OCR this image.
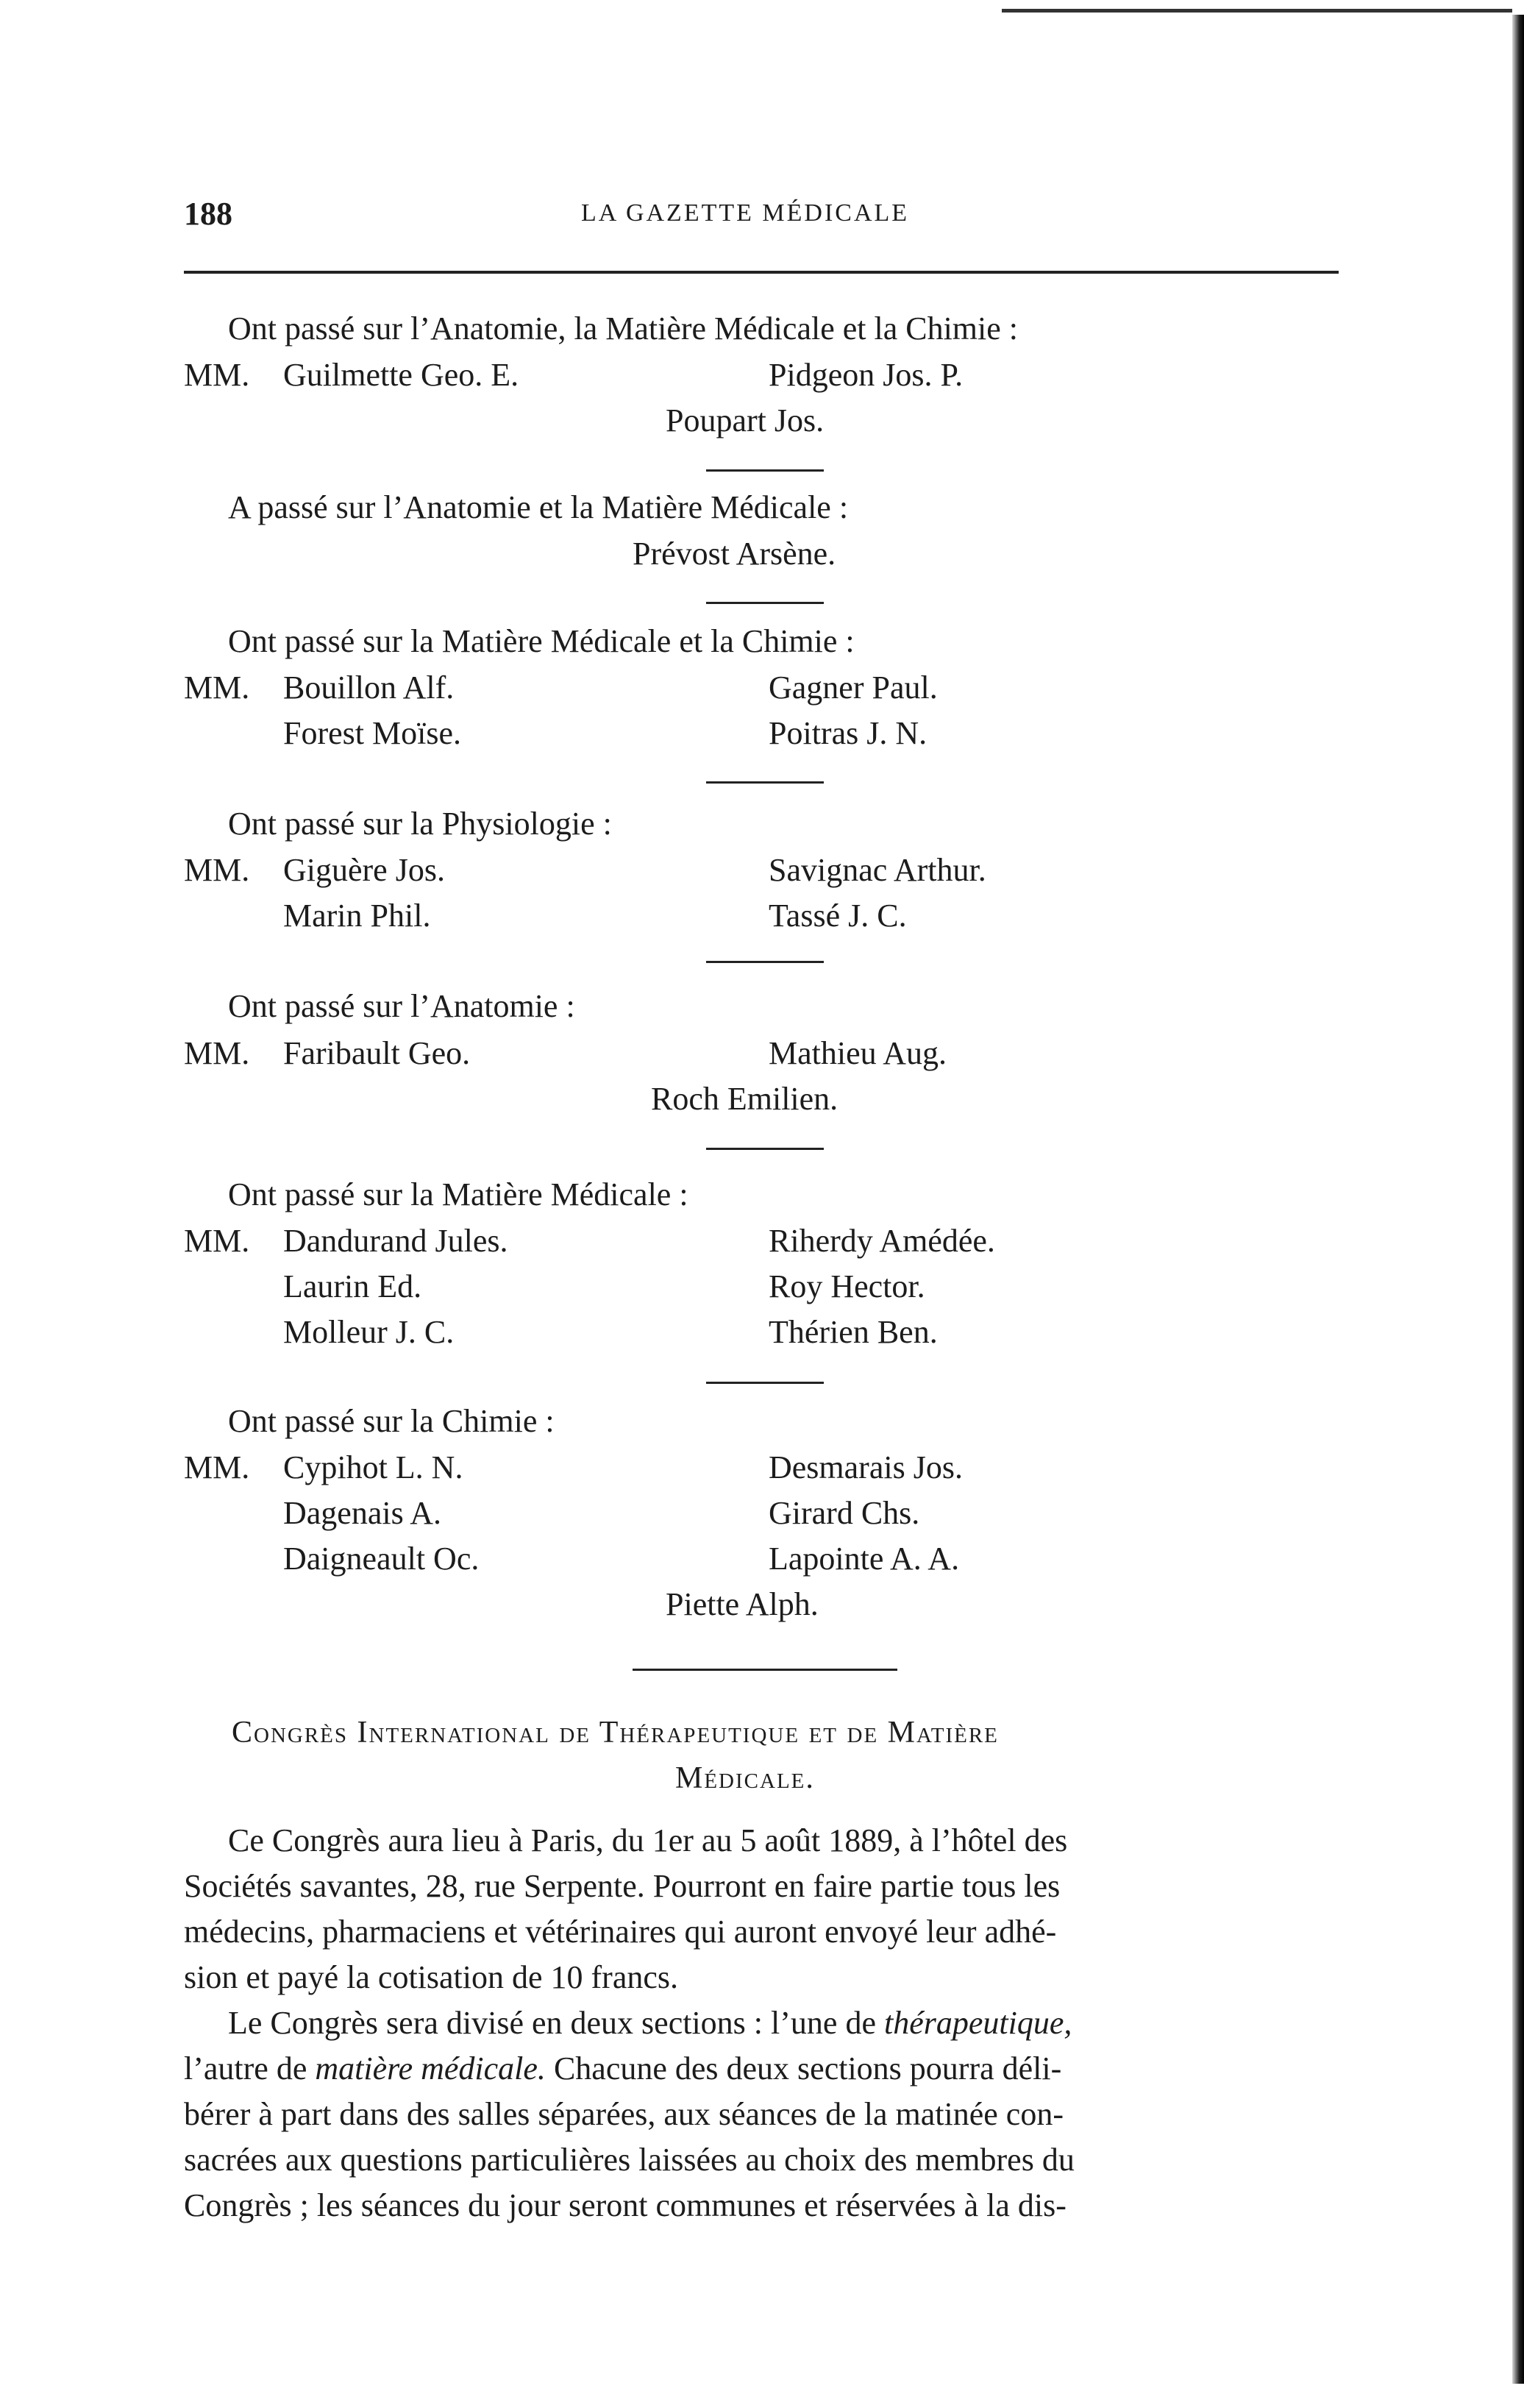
188	LA GAZETTE MÉDICALE
Ont passé sur l’Anatomie, la Matière Médicale et la Chimie :
MM. Guilmette Geo. E.	Pidgeon Jos. P.
Poupart Jos.
A passé sur l’Anatomie et la Matière Médicale :
Prévost Arsène.
Ont passé sur la Matière Médicale et la Chimie :
MM. Bouillon Alf.	Gagner Paul.
Forest Moïse.	Poitras J. N.
Ont passé sur la Physiologie :
MM. Giguère Jos.	Savignac Arthur.
Marin Phil.	Tassé J. C.
Ont passé sur l’Anatomie :
MM. Faribault Geo.	Mathieu Aug.
Roch Emilien.
Ont passé sur la Matière Médicale :
MM. Dandurand Jules.	Riherdy Amédée.
Laurin Ed.	Roy Hector.
Molleur J. C.	Thérien Ben.
Ont passé sur la Chimie :
MM. Cypihot L. N.	Desmarais Jos.
Dagenais A.	Girard Chs.
Daigneault Oc.	Lapointe A. A.
Piette Alph.
Congrès International de Thérapeutique et de Matière
Médicale.
Ce Congrès aura lieu à Paris, du 1er au 5 août 1889, à l’hôtel des
Sociétés savantes, 28, rue Serpente. Pourront en faire partie tous les
médecins, pharmaciens et vétérinaires qui auront envoyé leur adhé-
sion et payé la cotisation de 10 francs.
Le Congrès sera divisé en deux sections : l’une de thérapeutique,
l’autre de matière médicale. Chacune des deux sections pourra déli-
bérer à part dans des salles séparées, aux séances de la matinée con-
sacrées aux questions particulières laissées au choix des membres du
Congrès ; les séances du jour seront communes et réservées à la dis-
